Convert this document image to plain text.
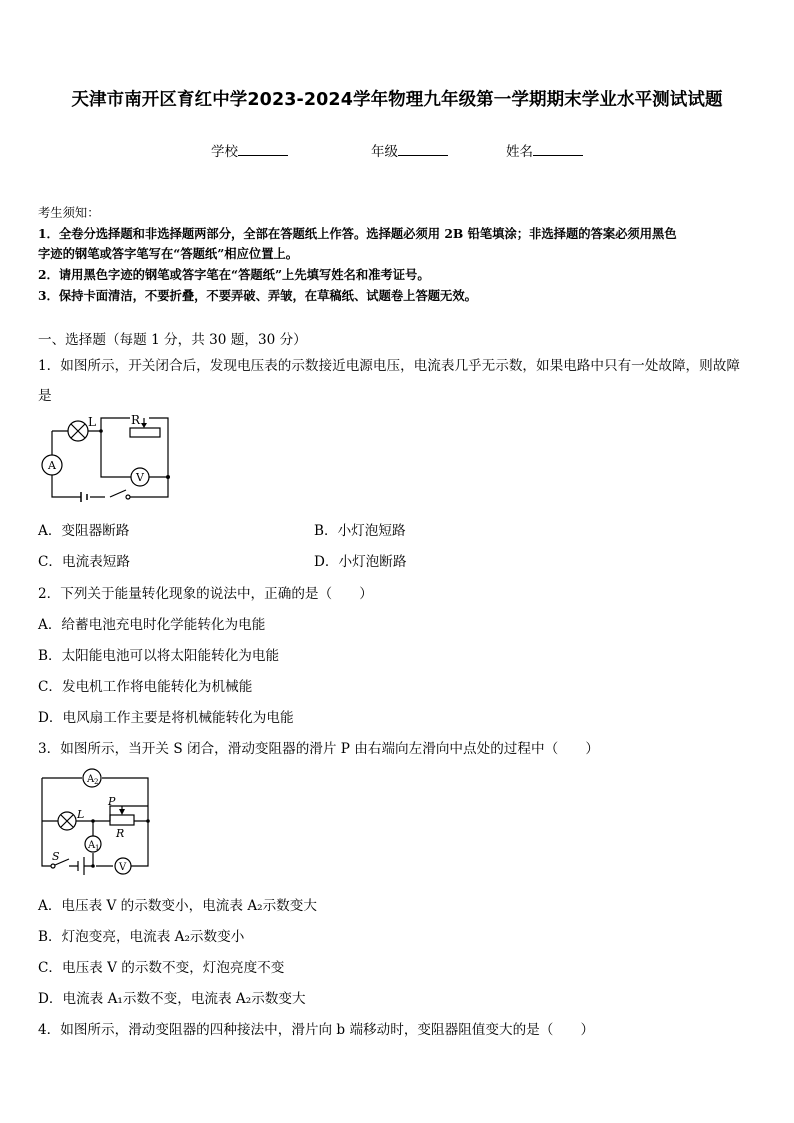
天津市南开区育红中学2023-2024学年物理九年级第一学期期末学业水平测试试题
学校	年级	姓名
考生须知：
1．全卷分选择题和非选择题两部分，全部在答题纸上作答。选择题必须用 2B 铅笔填涂；非选择题的答案必须用黑色
字迹的钢笔或答字笔写在“答题纸”相应位置上。
2．请用黑色字迹的钢笔或答字笔在“答题纸”上先填写姓名和准考证号。
3．保持卡面清洁，不要折叠，不要弄破、弄皱，在草稿纸、试题卷上答题无效。
一、选择题（每题 1 分，共 30 题，30 分）
1．如图所示，开关闭合后，发现电压表的示数接近电源电压，电流表几乎无示数，如果电路中只有一处故障，则故障
是
L	R
A
V
A．变阻器断路	B．小灯泡短路
C．电流表短路	D．小灯泡断路
2．下列关于能量转化现象的说法中，正确的是（　　）
A．给蓄电池充电时化学能转化为电能
B．太阳能电池可以将太阳能转化为电能
C．发电机工作将电能转化为机械能
D．电风扇工作主要是将机械能转化为电能
3．如图所示，当开关 S 闭合，滑动变阻器的滑片 P 由右端向左滑向中点处的过程中（　　）
A 2
A 1
L
P
R
S
V
A．电压表 V 的示数变小，电流表 A₂示数变大
B．灯泡变亮，电流表 A₂示数变小
C．电压表 V 的示数不变，灯泡亮度不变
D．电流表 A₁示数不变，电流表 A₂示数变大
4．如图所示，滑动变阻器的四种接法中，滑片向 b 端移动时，变阻器阻值变大的是（　　）
